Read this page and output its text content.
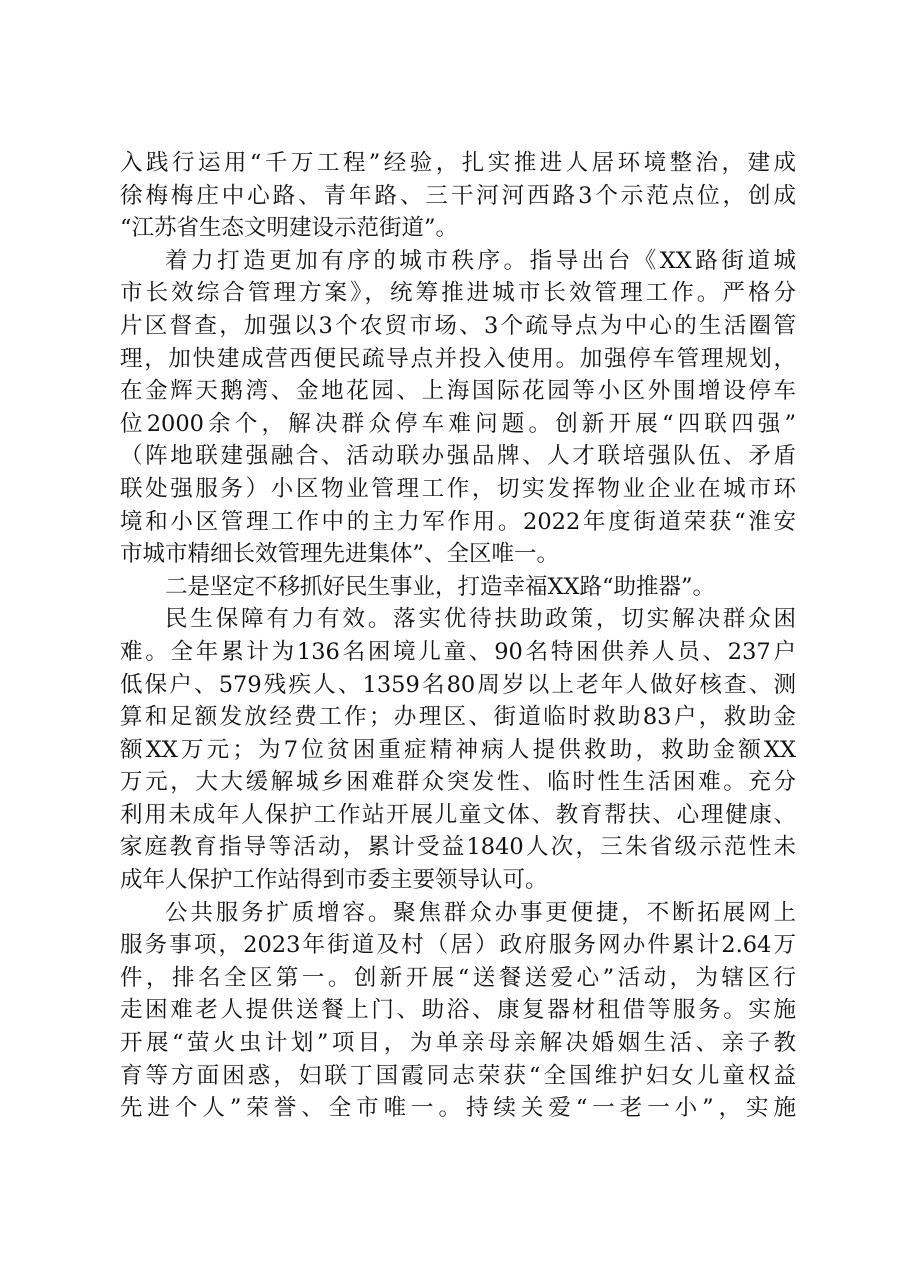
入践行运用“千万工程”经验，扎实推进人居环境整治，建成
徐梅梅庄中心路、青年路、三干河河西路3个示范点位，创成
“江苏省生态文明建设示范街道”。
着力打造更加有序的城市秩序。指导出台《XX路街道城
市长效综合管理方案》，统筹推进城市长效管理工作。严格分
片区督查，加强以3个农贸市场、3个疏导点为中心的生活圈管
理，加快建成营西便民疏导点并投入使用。加强停车管理规划，
在金辉天鹅湾、金地花园、上海国际花园等小区外围增设停车
位2000余个，解决群众停车难问题。创新开展“四联四强”
（阵地联建强融合、活动联办强品牌、人才联培强队伍、矛盾
联处强服务）小区物业管理工作，切实发挥物业企业在城市环
境和小区管理工作中的主力军作用。2022年度街道荣获“淮安
市城市精细长效管理先进集体”、全区唯一。
二是坚定不移抓好民生事业，打造幸福XX路“助推器”。
民生保障有力有效。落实优待扶助政策，切实解决群众困
难。全年累计为136名困境儿童、90名特困供养人员、237户
低保户、579残疾人、1359名80周岁以上老年人做好核查、测
算和足额发放经费工作；办理区、街道临时救助83户，救助金
额XX万元；为7位贫困重症精神病人提供救助，救助金额XX
万元，大大缓解城乡困难群众突发性、临时性生活困难。充分
利用未成年人保护工作站开展儿童文体、教育帮扶、心理健康、
家庭教育指导等活动，累计受益1840人次，三朱省级示范性未
成年人保护工作站得到市委主要领导认可。
公共服务扩质增容。聚焦群众办事更便捷，不断拓展网上
服务事项，2023年街道及村（居）政府服务网办件累计2.64万
件，排名全区第一。创新开展“送餐送爱心”活动，为辖区行
走困难老人提供送餐上门、助浴、康复器材租借等服务。实施
开展“萤火虫计划”项目，为单亲母亲解决婚姻生活、亲子教
育等方面困惑，妇联丁国霞同志荣获“全国维护妇女儿童权益
先进个人”荣誉、全市唯一。持续关爱“一老一小”，实施
